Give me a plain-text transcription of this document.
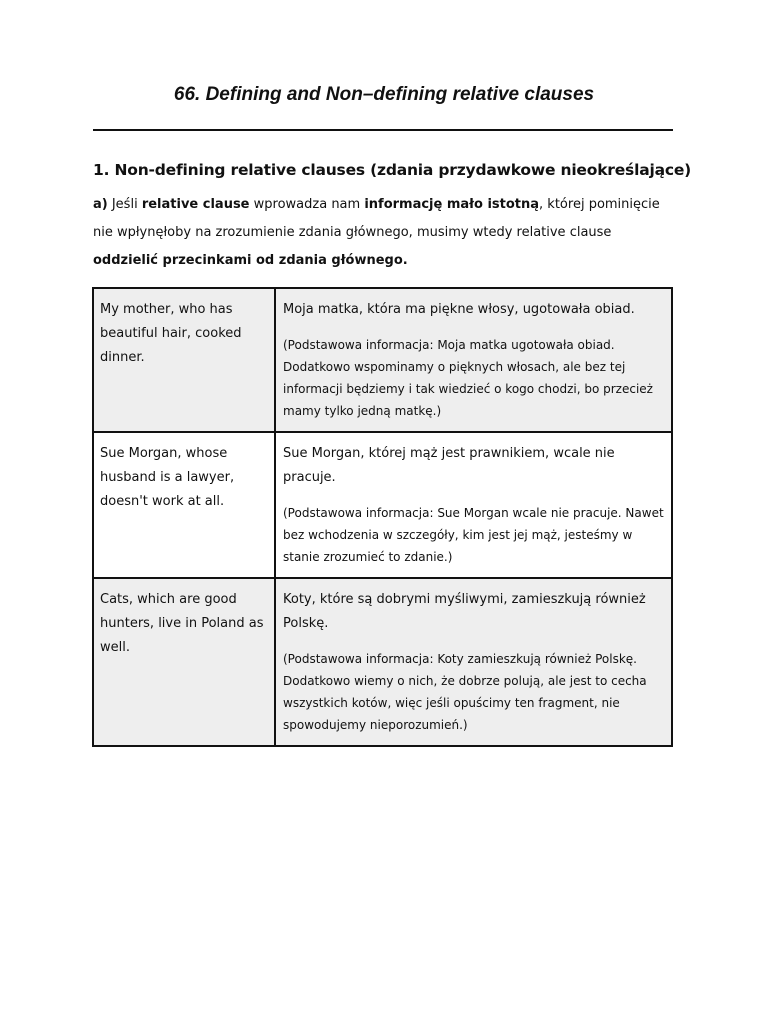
66. Defining and Non–defining relative clauses
1. Non-defining relative clauses (zdania przydawkowe nieokreślające)

a) Jeśli relative clause wprowadza nam informację mało istotną, której pominięcie nie wpłynęłoby na zrozumienie zdania głównego, musimy wtedy relative clause oddzielić przecinkami od zdania głównego.

My mother, who has beautiful hair, cooked dinner.	Moja matka, która ma piękne włosy, ugotowała obiad.
(Podstawowa informacja: Moja matka ugotowała obiad. Dodatkowo wspominamy o pięknych włosach, ale bez tej informacji będziemy i tak wiedzieć o kogo chodzi, bo przecież mamy tylko jedną matkę.)

Sue Morgan, whose husband is a lawyer, doesn't work at all.	Sue Morgan, której mąż jest prawnikiem, wcale nie pracuje.
(Podstawowa informacja: Sue Morgan wcale nie pracuje. Nawet bez wchodzenia w szczegóły, kim jest jej mąż, jesteśmy w stanie zrozumieć to zdanie.)

Cats, which are good hunters, live in Poland as well.	Koty, które są dobrymi myśliwymi, zamieszkują również Polskę.
(Podstawowa informacja: Koty zamieszkują również Polskę. Dodatkowo wiemy o nich, że dobrze polują, ale jest to cecha wszystkich kotów, więc jeśli opuścimy ten fragment, nie spowodujemy nieporozumień.)
